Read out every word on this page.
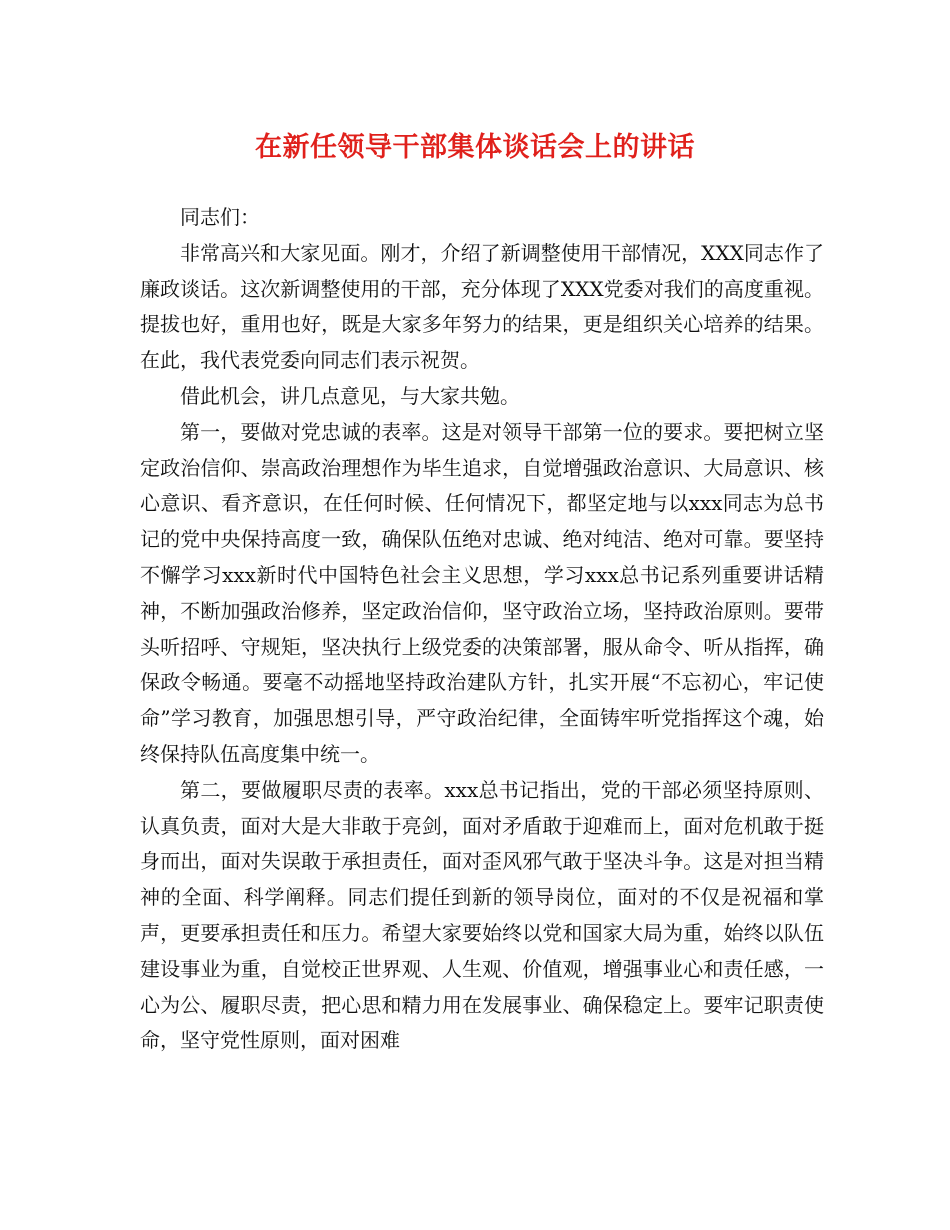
在新任领导干部集体谈话会上的讲话

同志们：

非常高兴和大家见面。刚才，介绍了新调整使用干部情况，XXX同志作了廉政谈话。这次新调整使用的干部，充分体现了XXX党委对我们的高度重视。提拔也好，重用也好，既是大家多年努力的结果，更是组织关心培养的结果。在此，我代表党委向同志们表示祝贺。

借此机会，讲几点意见，与大家共勉。

第一，要做对党忠诚的表率。这是对领导干部第一位的要求。要把树立坚定政治信仰、崇高政治理想作为毕生追求，自觉增强政治意识、大局意识、核心意识、看齐意识，在任何时候、任何情况下，都坚定地与以xxx同志为总书记的党中央保持高度一致，确保队伍绝对忠诚、绝对纯洁、绝对可靠。要坚持不懈学习xxx新时代中国特色社会主义思想，学习xxx总书记系列重要讲话精神，不断加强政治修养，坚定政治信仰，坚守政治立场，坚持政治原则。要带头听招呼、守规矩，坚决执行上级党委的决策部署，服从命令、听从指挥，确保政令畅通。要毫不动摇地坚持政治建队方针，扎实开展“不忘初心，牢记使命”学习教育，加强思想引导，严守政治纪律，全面铸牢听党指挥这个魂，始终保持队伍高度集中统一。

第二，要做履职尽责的表率。xxx总书记指出，党的干部必须坚持原则、认真负责，面对大是大非敢于亮剑，面对矛盾敢于迎难而上，面对危机敢于挺身而出，面对失误敢于承担责任，面对歪风邪气敢于坚决斗争。这是对担当精神的全面、科学阐释。同志们提任到新的领导岗位，面对的不仅是祝福和掌声，更要承担责任和压力。希望大家要始终以党和国家大局为重，始终以队伍建设事业为重，自觉校正世界观、人生观、价值观，增强事业心和责任感，一心为公、履职尽责，把心思和精力用在发展事业、确保稳定上。要牢记职责使命，坚守党性原则，面对困难
